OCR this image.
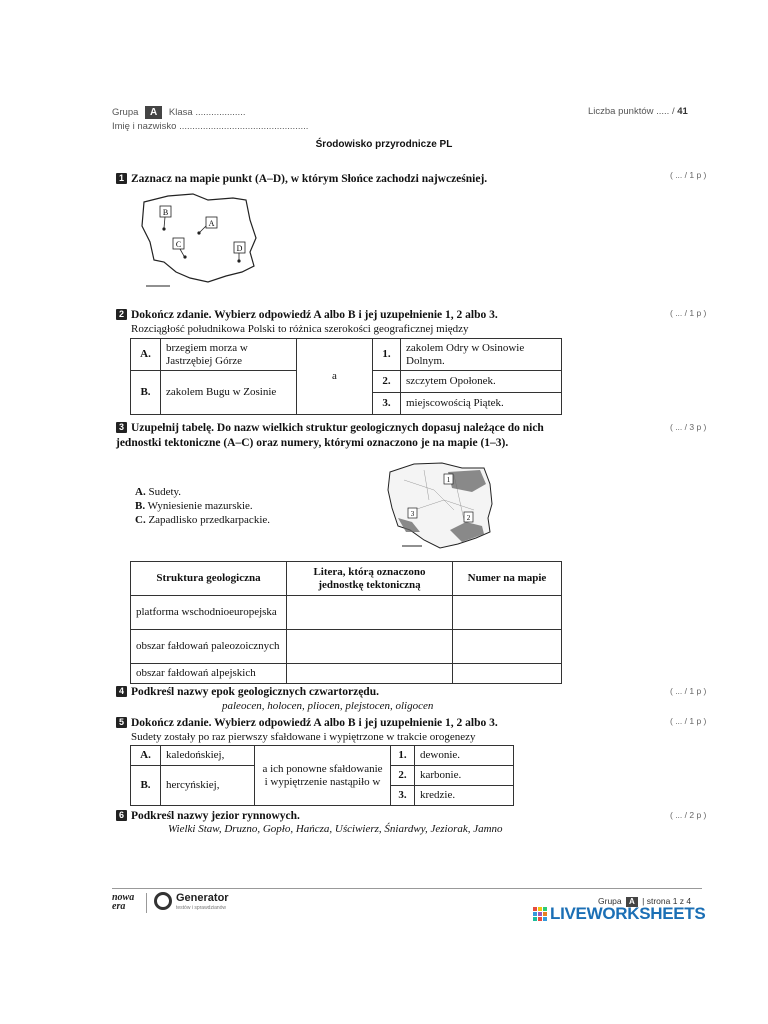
Grupa A Klasa ...................
Imię i nazwisko .................................................
Liczba punktów ..... / 41
Środowisko przyrodnicze PL
1 Zaznacz na mapie punkt (A–D), w którym Słońce zachodzi najwcześniej.	( ... / 1 p )
B
A
C	D
2 Dokończ zdanie. Wybierz odpowiedź A albo B i jej uzupełnienie 1, 2 albo 3.
Rozciągłość południkowa Polski to różnica szerokości geograficznej między
( ... / 1 p )
A.	brzegiem morza w Jastrzębiej Górze	a	1.	zakolem Odry w Osinowie Dolnym.
B.	zakolem Bugu w Zosinie		2.	szczytem Opołonek.
			3.	miejscowością Piątek.
3 Uzupełnij tabelę. Do nazw wielkich struktur geologicznych dopasuj należące do nich jednostki tektoniczne (A–C) oraz numery, którymi oznaczono je na mapie (1–3).
( ... / 3 p )
A. Sudety.
B. Wyniesienie mazurskie.
C. Zapadlisko przedkarpackie.
1
2
3
Struktura geologiczna	Litera, którą oznaczono jednostkę tektoniczną	Numer na mapie
platforma wschodnioeuropejska		
obszar fałdowań paleozoicznych		
obszar fałdowań alpejskich		
4 Podkreśl nazwy epok geologicznych czwartorzędu.
paleocen, holocen, pliocen, plejstocen, oligocen
( ... / 1 p )
5 Dokończ zdanie. Wybierz odpowiedź A albo B i jej uzupełnienie 1, 2 albo 3.
Sudety zostały po raz pierwszy sfałdowane i wypiętrzone w trakcie orogenezy
( ... / 1 p )
A.	kaledońskiej,	a ich ponowne sfałdowanie i wypiętrzenie nastąpiło w	1.	dewonie.
B.	hercyńskiej,		2.	karbonie.
			3.	kredzie.
6 Podkreśl nazwy jezior rynnowych.
Wielki Staw, Druzno, Gopło, Hańcza, Uściwierz, Śniardwy, Jeziorak, Jamno
( ... / 2 p )
nowa
era
Generator
testów i sprawdzianów
Grupa A | strona 1 z 4
LIVEWORKSHEETS
